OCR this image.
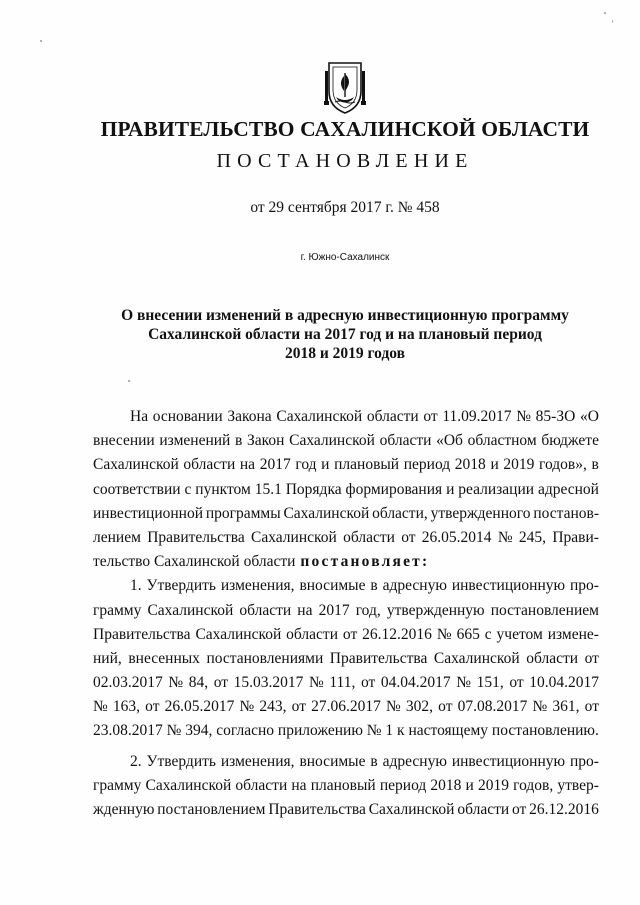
ПРАВИТЕЛЬСТВО САХАЛИНСКОЙ ОБЛАСТИ
ПОСТАНОВЛЕНИЕ
от 29 сентября 2017 г. № 458
г. Южно-Сахалинск
О внесении изменений в адресную инвестиционную программу
Сахалинской области на 2017 год и на плановый период
2018 и 2019 годов
На основании Закона Сахалинской области от 11.09.2017 № 85-ЗО «О
внесении изменений в Закон Сахалинской области «Об областном бюджете
Сахалинской области на 2017 год и плановый период 2018 и 2019 годов», в
соответствии с пунктом 15.1 Порядка формирования и реализации адресной
инвестиционной программы Сахалинской области, утвержденного постанов-
лением Правительства Сахалинской области от 26.05.2014 № 245, Прави-
тельство Сахалинской области постановляет:
1. Утвердить изменения, вносимые в адресную инвестиционную про-
грамму Сахалинской области на 2017 год, утвержденную постановлением
Правительства Сахалинской области от 26.12.2016 № 665 с учетом измене-
ний, внесенных постановлениями Правительства Сахалинской области от
02.03.2017 № 84, от 15.03.2017 № 111, от 04.04.2017 № 151, от 10.04.2017
№ 163, от 26.05.2017 № 243, от 27.06.2017 № 302, от 07.08.2017 № 361, от
23.08.2017 № 394, согласно приложению № 1 к настоящему постановлению.
2. Утвердить изменения, вносимые в адресную инвестиционную про-
грамму Сахалинской области на плановый период 2018 и 2019 годов, утвер-
жденную постановлением Правительства Сахалинской области от 26.12.2016
